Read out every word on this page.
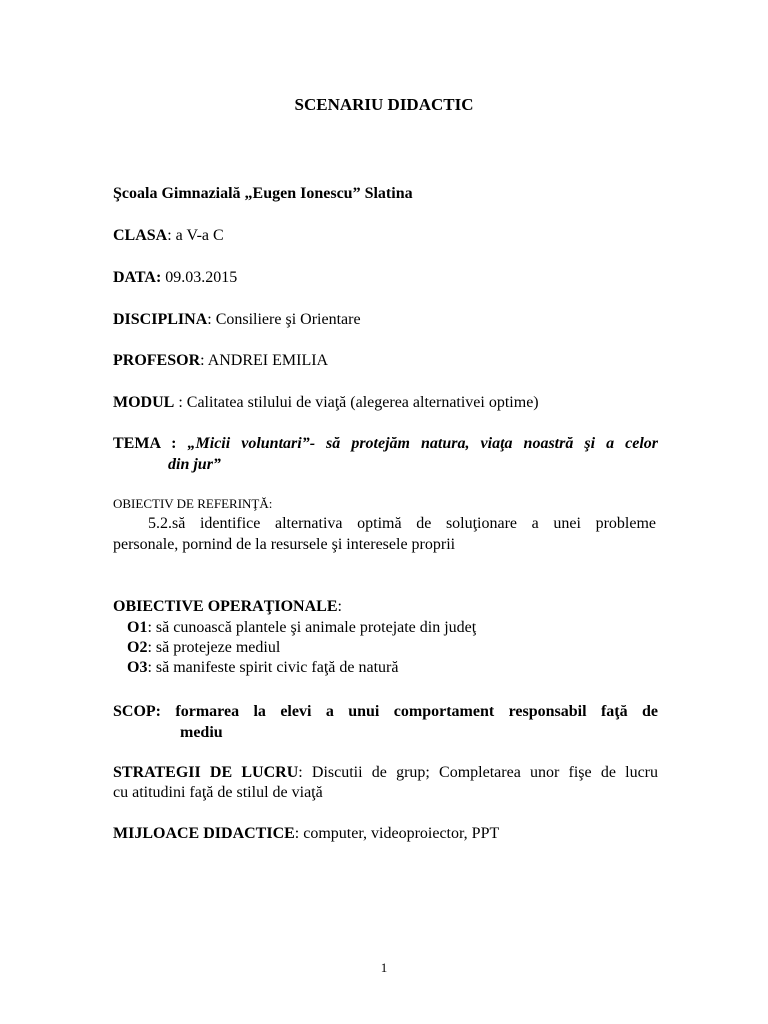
SCENARIU DIDACTIC
Şcoala Gimnazială „Eugen Ionescu” Slatina
CLASA: a V-a C
DATA: 09.03.2015
DISCIPLINA: Consiliere şi Orientare
PROFESOR: ANDREI EMILIA
MODUL : Calitatea stilului de viaţă (alegerea alternativei optime)
TEMA : „Micii voluntari”- să protejăm natura, viaţa noastră şi a celor
din jur”
OBIECTIV DE REFERINŢĂ:
5.2.să identifice alternativa optimă de soluţionare a unei probleme
personale, pornind de la resursele şi interesele proprii
OBIECTIVE OPERAŢIONALE:
O1: să cunoască plantele şi animale protejate din judeţ
O2: să protejeze mediul
O3: să manifeste spirit civic faţă de natură
SCOP: formarea la elevi a unui comportament responsabil faţă de
mediu
STRATEGII DE LUCRU: Discutii de grup; Completarea unor fişe de lucru
cu atitudini faţă de stilul de viaţă
MIJLOACE DIDACTICE: computer, videoproiector, PPT
1
